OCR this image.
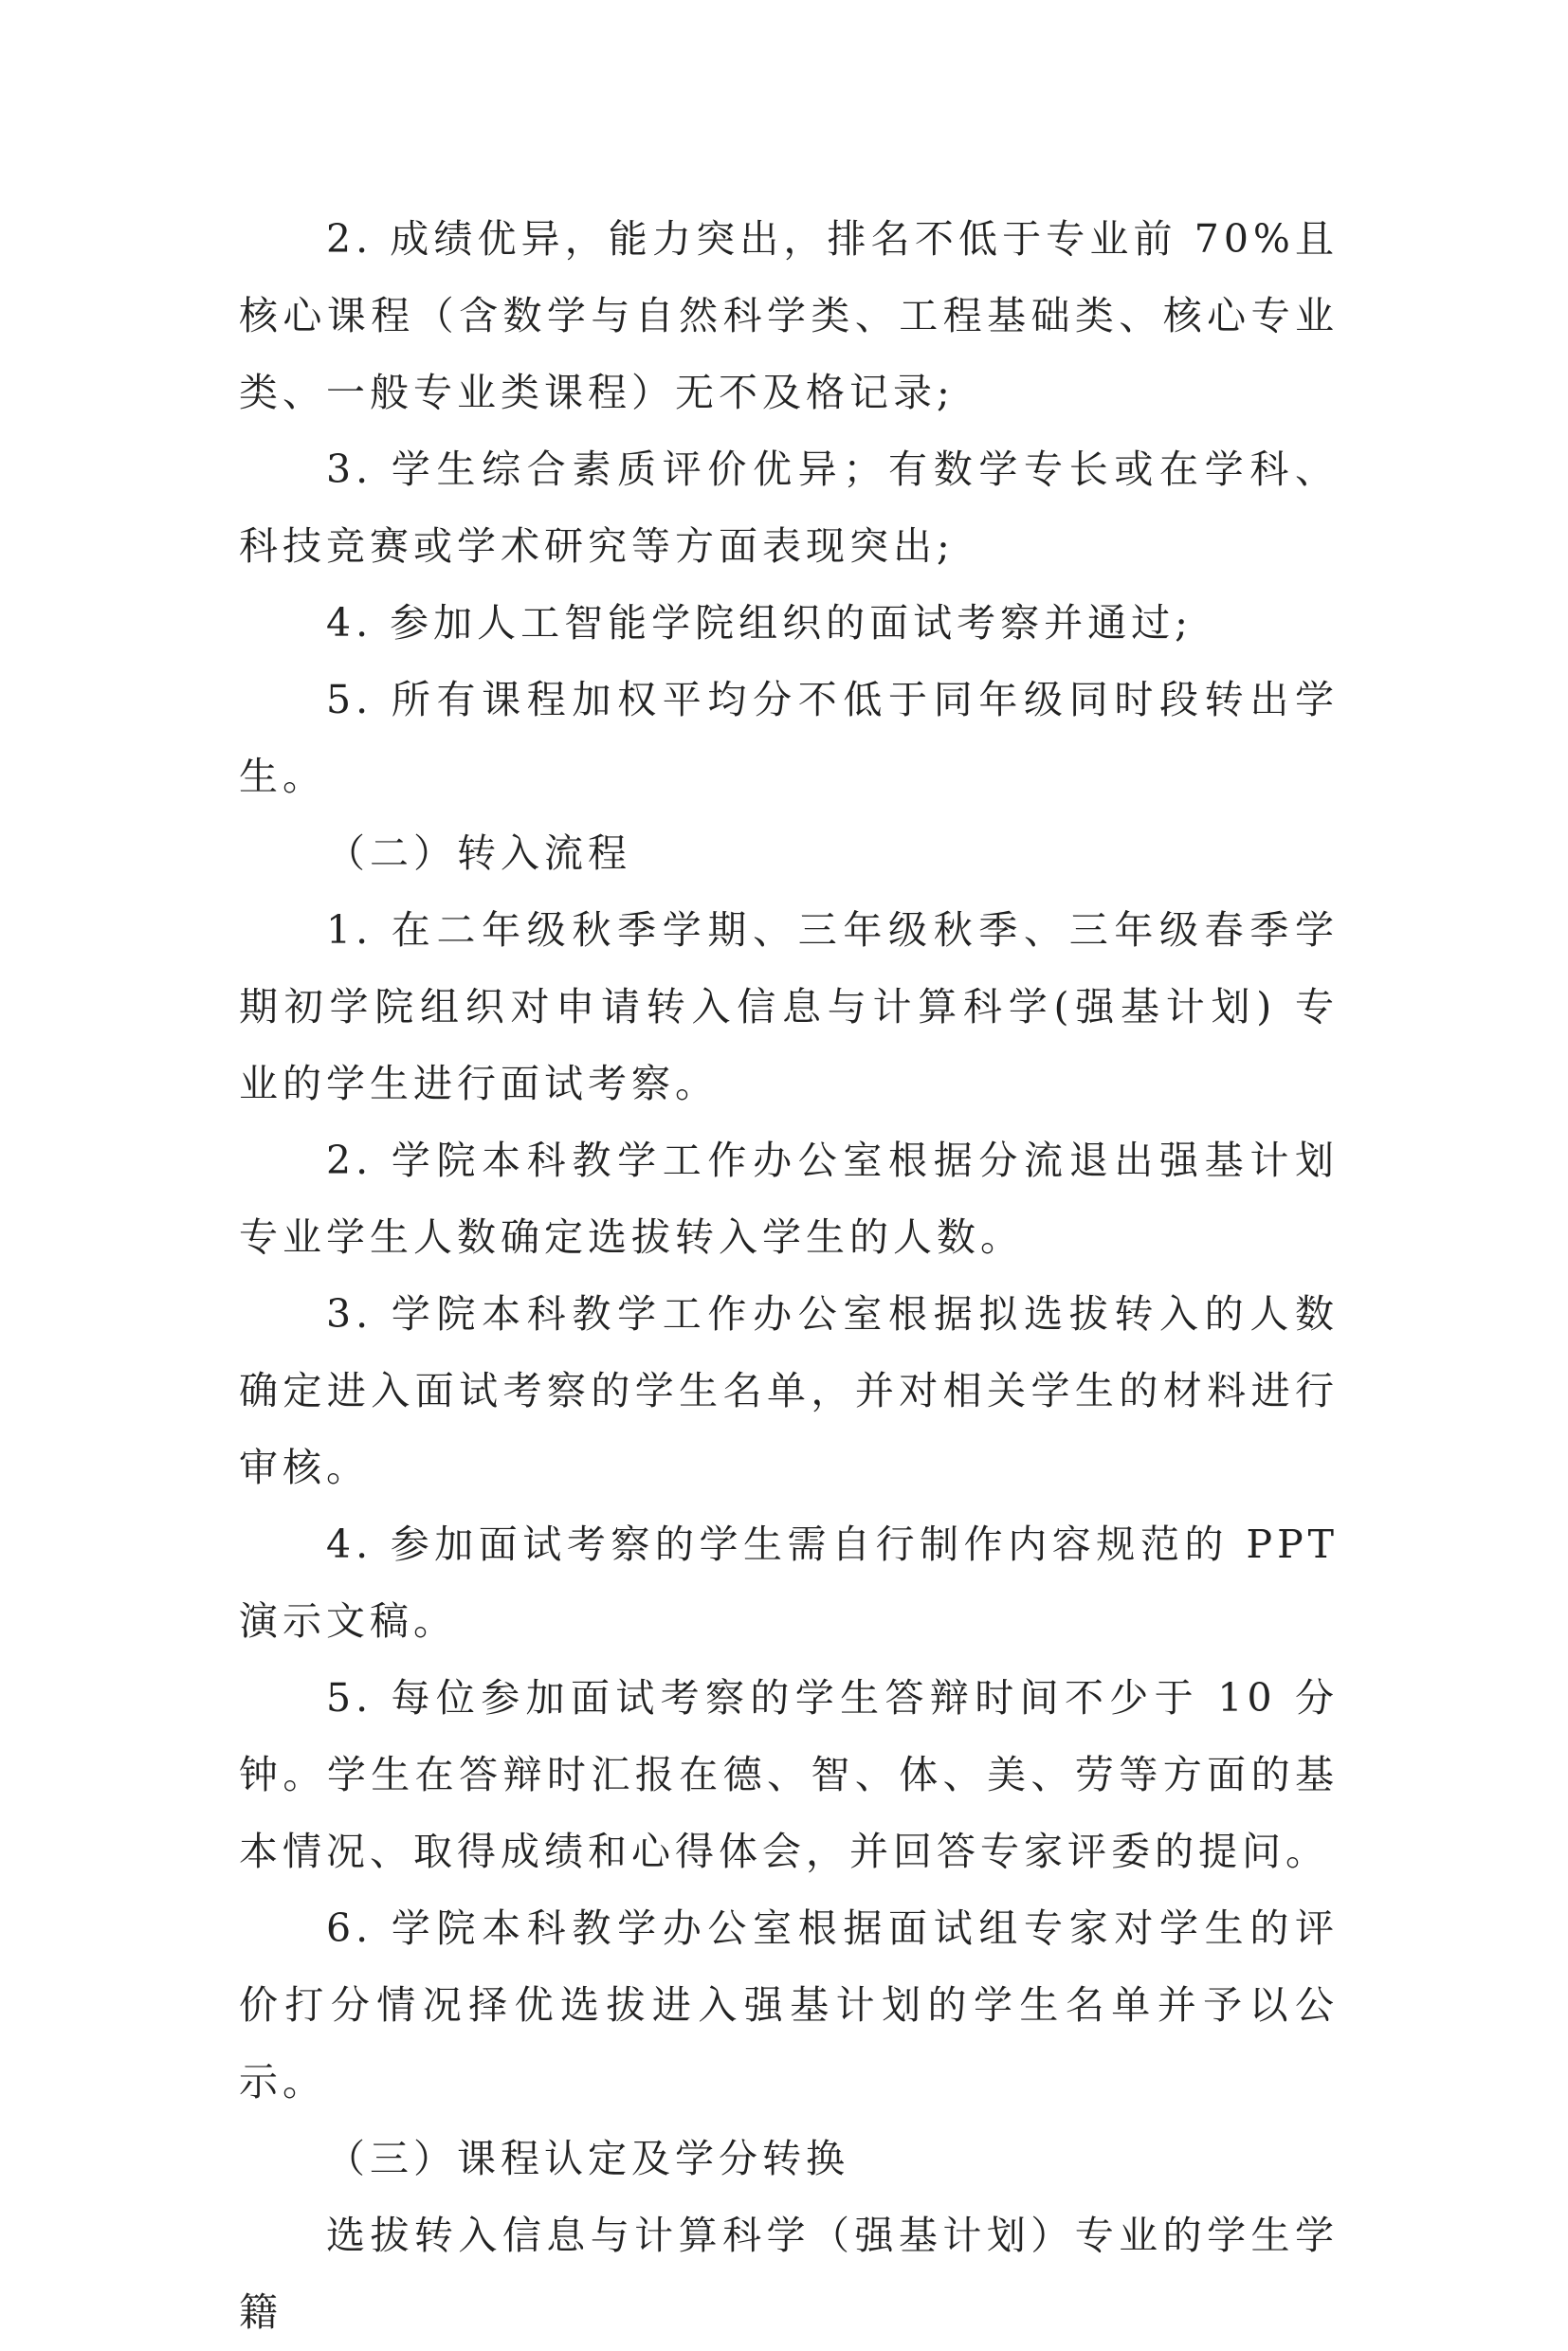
2. 成绩优异，能力突出，排名不低于专业前 70%且核心课程（含数学与自然科学类、工程基础类、核心专业类、一般专业类课程）无不及格记录;

3. 学生综合素质评价优异；有数学专长或在学科、科技竞赛或学术研究等方面表现突出;

4. 参加人工智能学院组织的面试考察并通过;

5. 所有课程加权平均分不低于同年级同时段转出学生。

（二）转入流程

1. 在二年级秋季学期、三年级秋季、三年级春季学期初学院组织对申请转入信息与计算科学(强基计划) 专业的学生进行面试考察。

2. 学院本科教学工作办公室根据分流退出强基计划专业学生人数确定选拔转入学生的人数。

3. 学院本科教学工作办公室根据拟选拔转入的人数确定进入面试考察的学生名单，并对相关学生的材料进行审核。

4. 参加面试考察的学生需自行制作内容规范的 PPT 演示文稿。

5. 每位参加面试考察的学生答辩时间不少于 10 分钟。学生在答辩时汇报在德、智、体、美、劳等方面的基本情况、取得成绩和心得体会，并回答专家评委的提问。

6. 学院本科教学办公室根据面试组专家对学生的评价打分情况择优选拔进入强基计划的学生名单并予以公示。

（三）课程认定及学分转换

选拔转入信息与计算科学（强基计划）专业的学生学籍
